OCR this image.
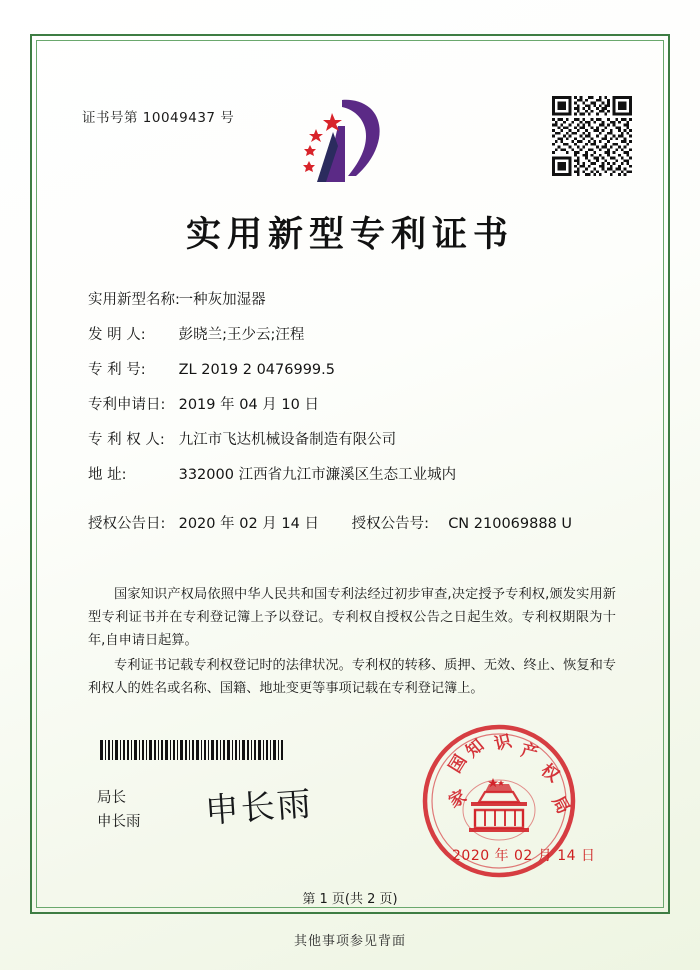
证书号第 10049437 号
实用新型专利证书
实用新型名称: 一种灰加湿器
发 明 人: 彭晓兰;王少云;汪程
专 利 号: ZL 2019 2 0476999.5
专利申请日: 2019 年 04 月 10 日
专 利 权 人: 九江市飞达机械设备制造有限公司
地 址:	332000 江西省九江市濂溪区生态工业城内
授权公告日: 2020 年 02 月 14 日 授权公告号: CN 210069888 U

国家知识产权局依照中华人民共和国专利法经过初步审查,决定授予专利权,颁发实用新型专利证书并在专利登记簿上予以登记。专利权自授权公告之日起生效。专利权期限为十年,自申请日起算。

专利证书记载专利权登记时的法律状况。专利权的转移、质押、无效、终止、恢复和专利权人的姓名或名称、国籍、地址变更等事项记载在专利登记簿上。

局长
申长雨 申长雨
国
家
知 识 产
权
局
2020 年 02 月 14 日
第 1 页(共 2 页)
其他事项参见背面
